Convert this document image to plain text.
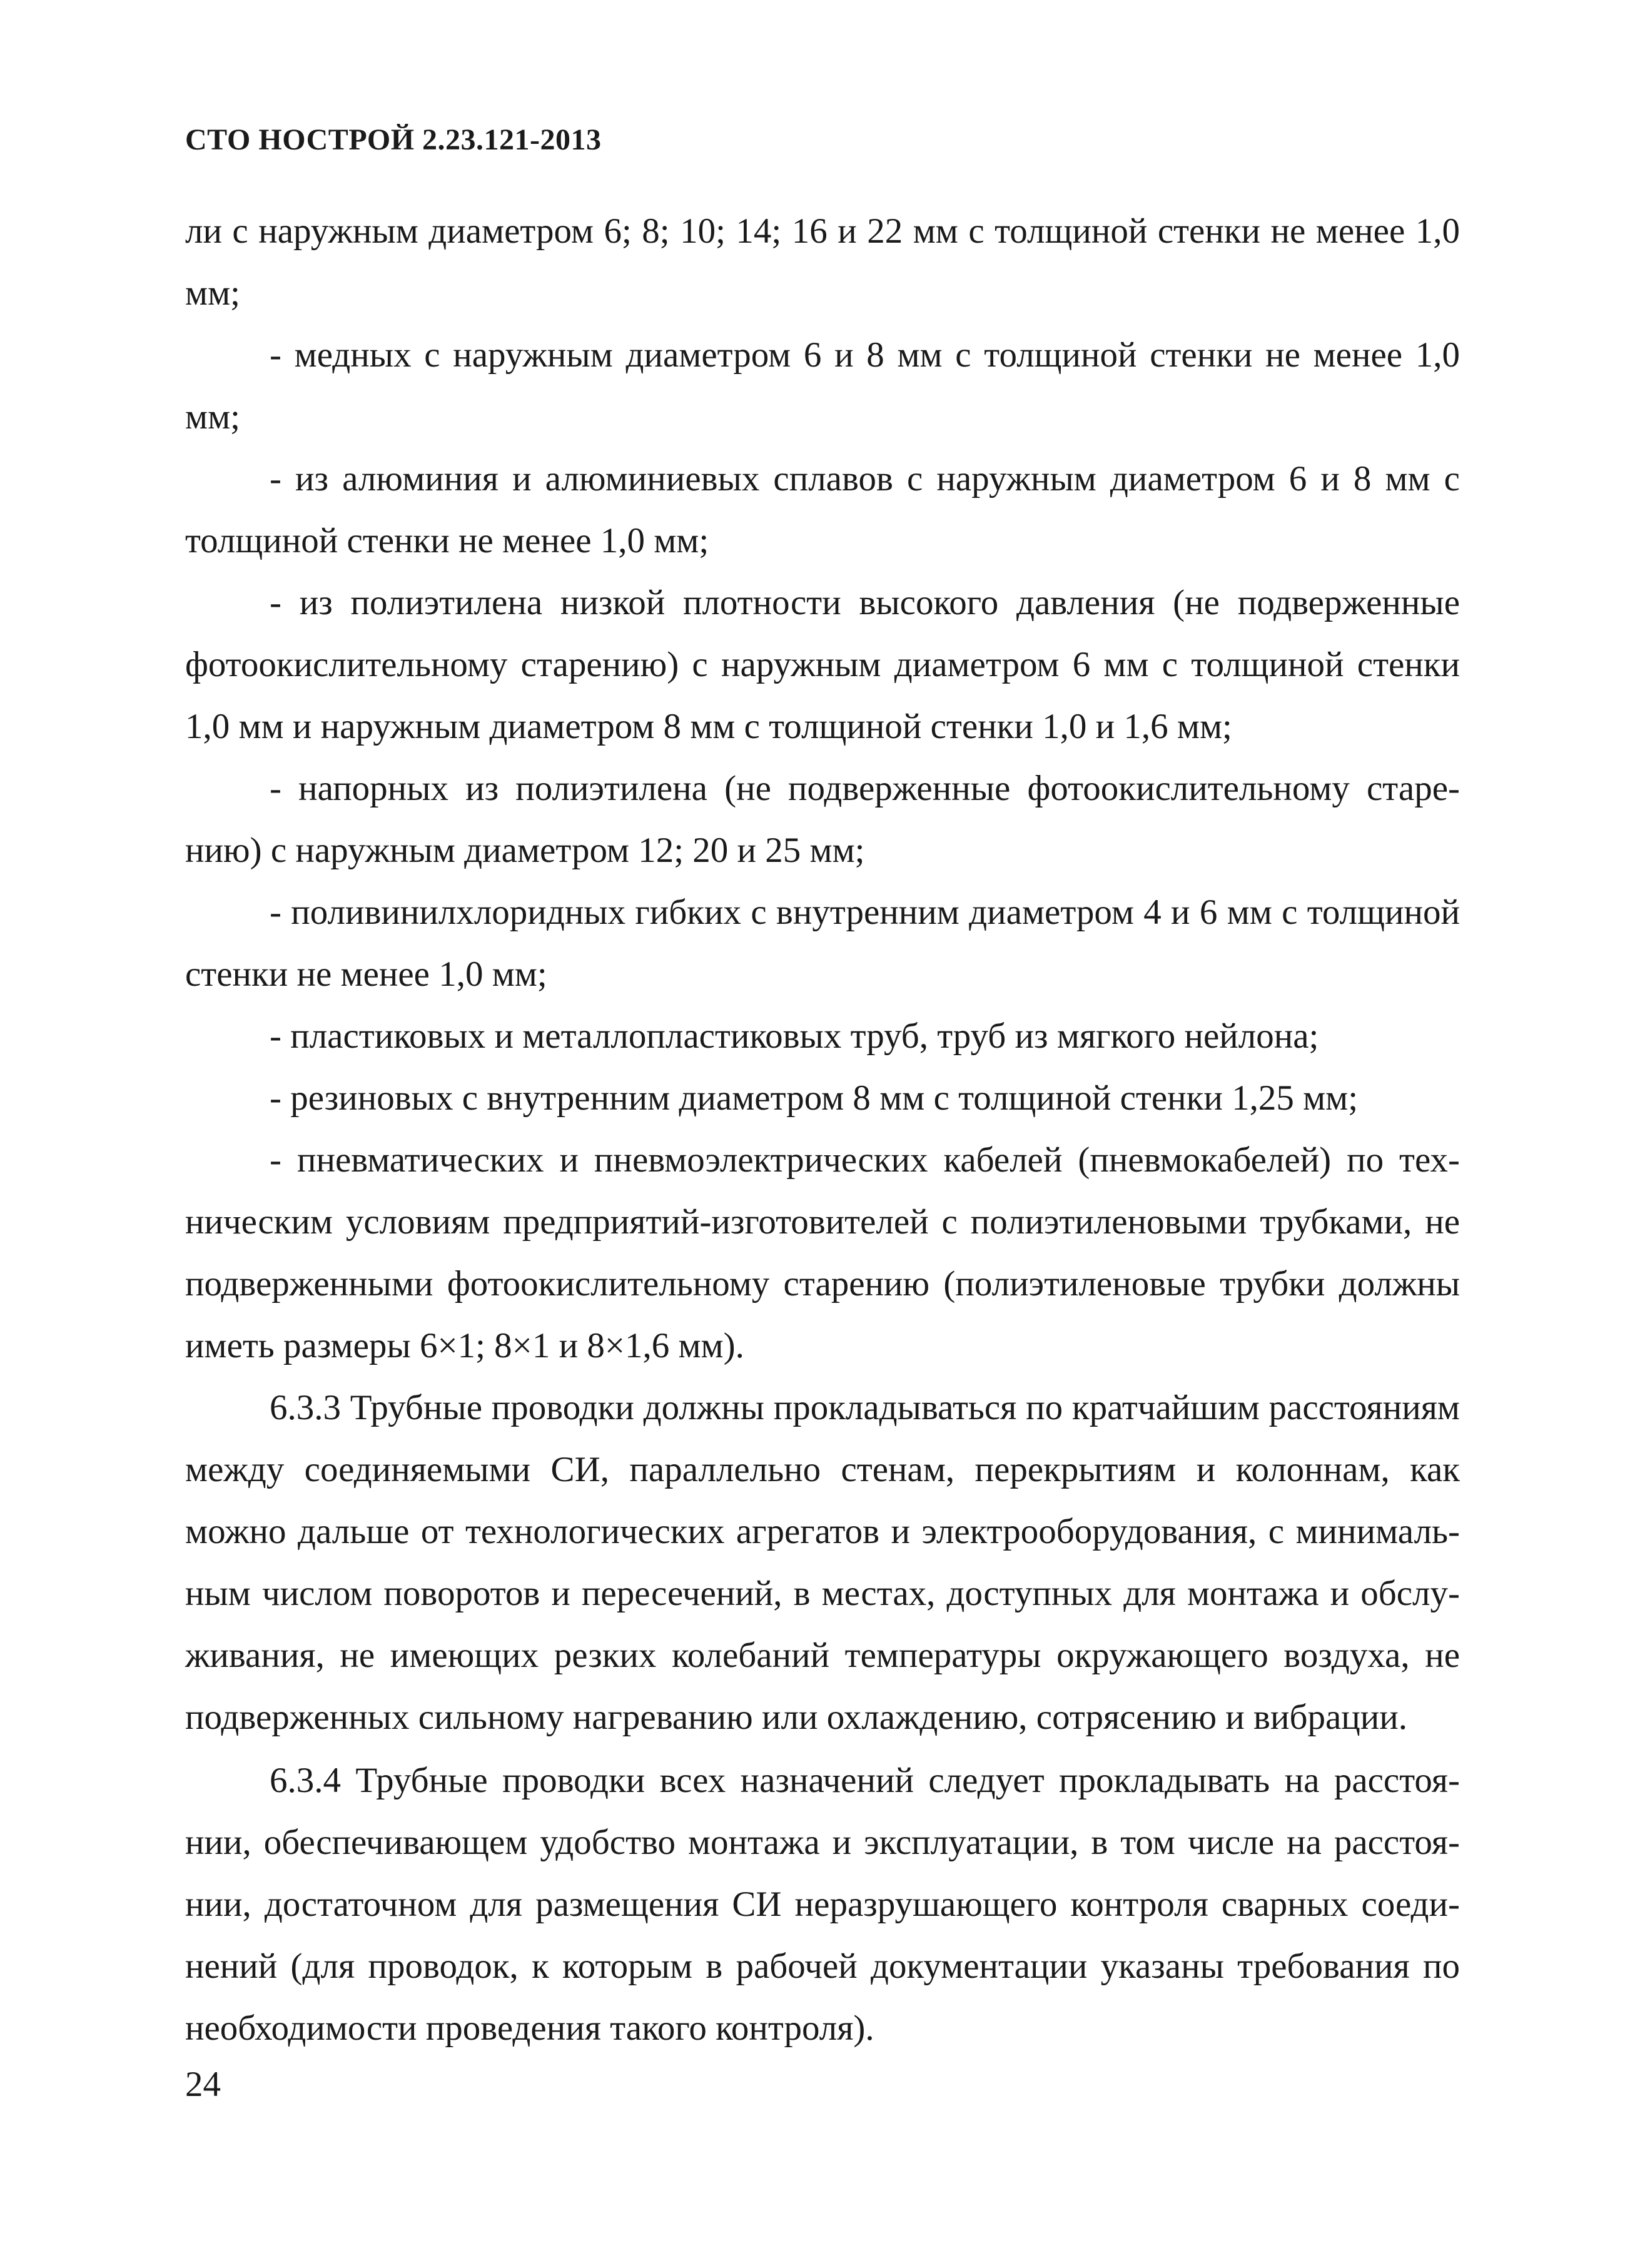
СТО НОСТРОЙ 2.23.121-2013

ли с наружным диаметром 6; 8; 10; 14; 16 и 22 мм с толщиной стенки не менее 1,0 мм;

- медных с наружным диаметром 6 и 8 мм с толщиной стенки не менее 1,0 мм;

- из алюминия и алюминиевых сплавов с наружным диаметром 6 и 8 мм с толщиной стенки не менее 1,0 мм;

- из полиэтилена низкой плотности высокого давления (не подверженные фотоокислительному старению) с наружным диаметром 6 мм с толщиной стенки 1,0 мм и наружным диаметром 8 мм с толщиной стенки 1,0 и 1,6 мм;

- напорных из полиэтилена (не подверженные фотоокислительному старению) с наружным диаметром 12; 20 и 25 мм;

- поливинилхлоридных гибких с внутренним диаметром 4 и 6 мм с толщиной стенки не менее 1,0 мм;

- пластиковых и металлопластиковых труб, труб из мягкого нейлона;

- резиновых с внутренним диаметром 8 мм с толщиной стенки 1,25 мм;

- пневматических и пневмоэлектрических кабелей (пневмокабелей) по техническим условиям предприятий-изготовителей с полиэтиленовыми трубками, не подверженными фотоокислительному старению (полиэтиленовые трубки должны иметь размеры 6×1; 8×1 и 8×1,6 мм).

6.3.3 Трубные проводки должны прокладываться по кратчайшим расстояниям между соединяемыми СИ, параллельно стенам, перекрытиям и колоннам, как можно дальше от технологических агрегатов и электрооборудования, с минимальным числом поворотов и пересечений, в местах, доступных для монтажа и обслуживания, не имеющих резких колебаний температуры окружающего воздуха, не подверженных сильному нагреванию или охлаждению, сотрясению и вибрации.

6.3.4 Трубные проводки всех назначений следует прокладывать на расстоянии, обеспечивающем удобство монтажа и эксплуатации, в том числе на расстоянии, достаточном для размещения СИ неразрушающего контроля сварных соединений (для проводок, к которым в рабочей документации указаны требования по необходимости проведения такого контроля).

24
